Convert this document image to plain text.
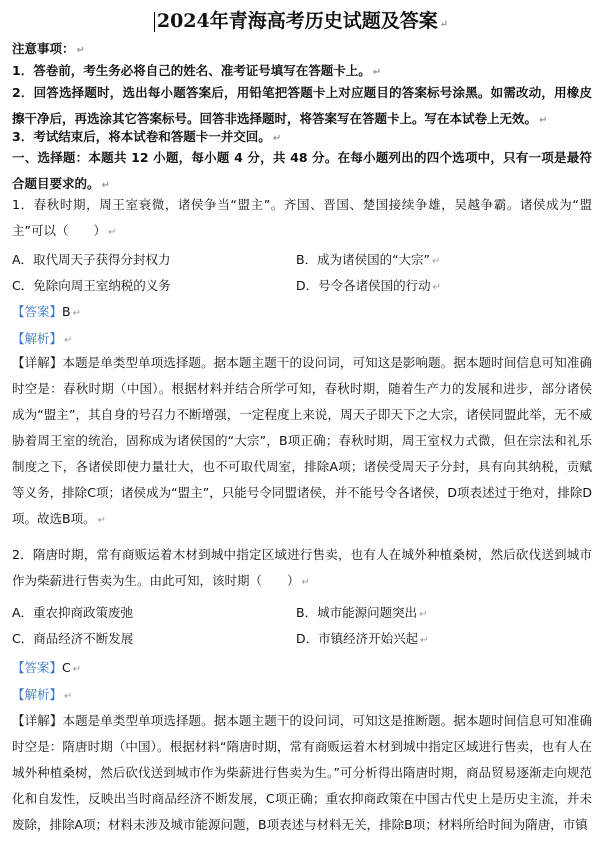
2024年青海高考历史试题及答案 ↵
注意事项： ↵
1．答卷前，考生务必将自己的姓名、准考证号填写在答题卡上。 ↵
2．回答选择题时，选出每小题答案后，用铅笔把答题卡上对应题目的答案标号涂黑。如需改动，用橡皮擦干净后，再选涂其它答案标号。回答非选择题时，将答案写在答题卡上。写在本试卷上无效。 ↵
3．考试结束后，将本试卷和答题卡一并交回。 ↵
一、选择题：本题共 12 小题，每小题 4 分，共 48 分。在每小题列出的四个选项中，只有一项是最符合题目要求的。 ↵
1．春秋时期，周王室衰微，诸侯争当“盟主”。齐国、晋国、楚国接续争雄，吴越争霸。诸侯成为“盟主”可以（　　） ↵
A．取代周天子获得分封权力	B．成为诸侯国的“大宗” ↵
C．免除向周王室纳税的义务	D．号令各诸侯国的行动 ↵
【答案】B ↵
【解析】 ↵
【详解】本题是单类型单项选择题。据本题主题干的设问词，可知这是影响题。据本题时间信息可知准确时空是：春秋时期（中国）。根据材料并结合所学可知，春秋时期，随着生产力的发展和进步，部分诸侯成为“盟主”，其自身的号召力不断增强，一定程度上来说，周天子即天下之大宗，诸侯同盟此举，无不威胁着周王室的统治，固称成为诸侯国的“大宗”，B项正确；春秋时期，周王室权力式微，但在宗法和礼乐制度之下，各诸侯即使力量壮大，也不可取代周室，排除A项；诸侯受周天子分封，具有向其纳税，贡赋等义务，排除C项；诸侯成为“盟主”，只能号令同盟诸侯，并不能号令各诸侯，D项表述过于绝对，排除D项。故选B项。 ↵
2．隋唐时期，常有商贩运着木材到城中指定区域进行售卖，也有人在城外种植桑树，然后砍伐送到城市作为柴薪进行售卖为生。由此可知，该时期（　　） ↵
A．重农抑商政策废弛	B．城市能源问题突出 ↵
C．商品经济不断发展	D．市镇经济开始兴起 ↵
【答案】C ↵
【解析】 ↵
【详解】本题是单类型单项选择题。据本题主题干的设问词，可知这是推断题。据本题时间信息可知准确时空是：隋唐时期（中国）。根据材料“隋唐时期，常有商贩运着木材到城中指定区域进行售卖，也有人在城外种植桑树，然后砍伐送到城市作为柴薪进行售卖为生。”可分析得出隋唐时期，商品贸易逐渐走向规范化和自发性，反映出当时商品经济不断发展，C项正确；重农抑商政策在中国古代史上是历史主流，并未废除，排除A项；材料未涉及城市能源问题，B项表述与材料无关，排除B项；材料所给时间为隋唐，市镇
